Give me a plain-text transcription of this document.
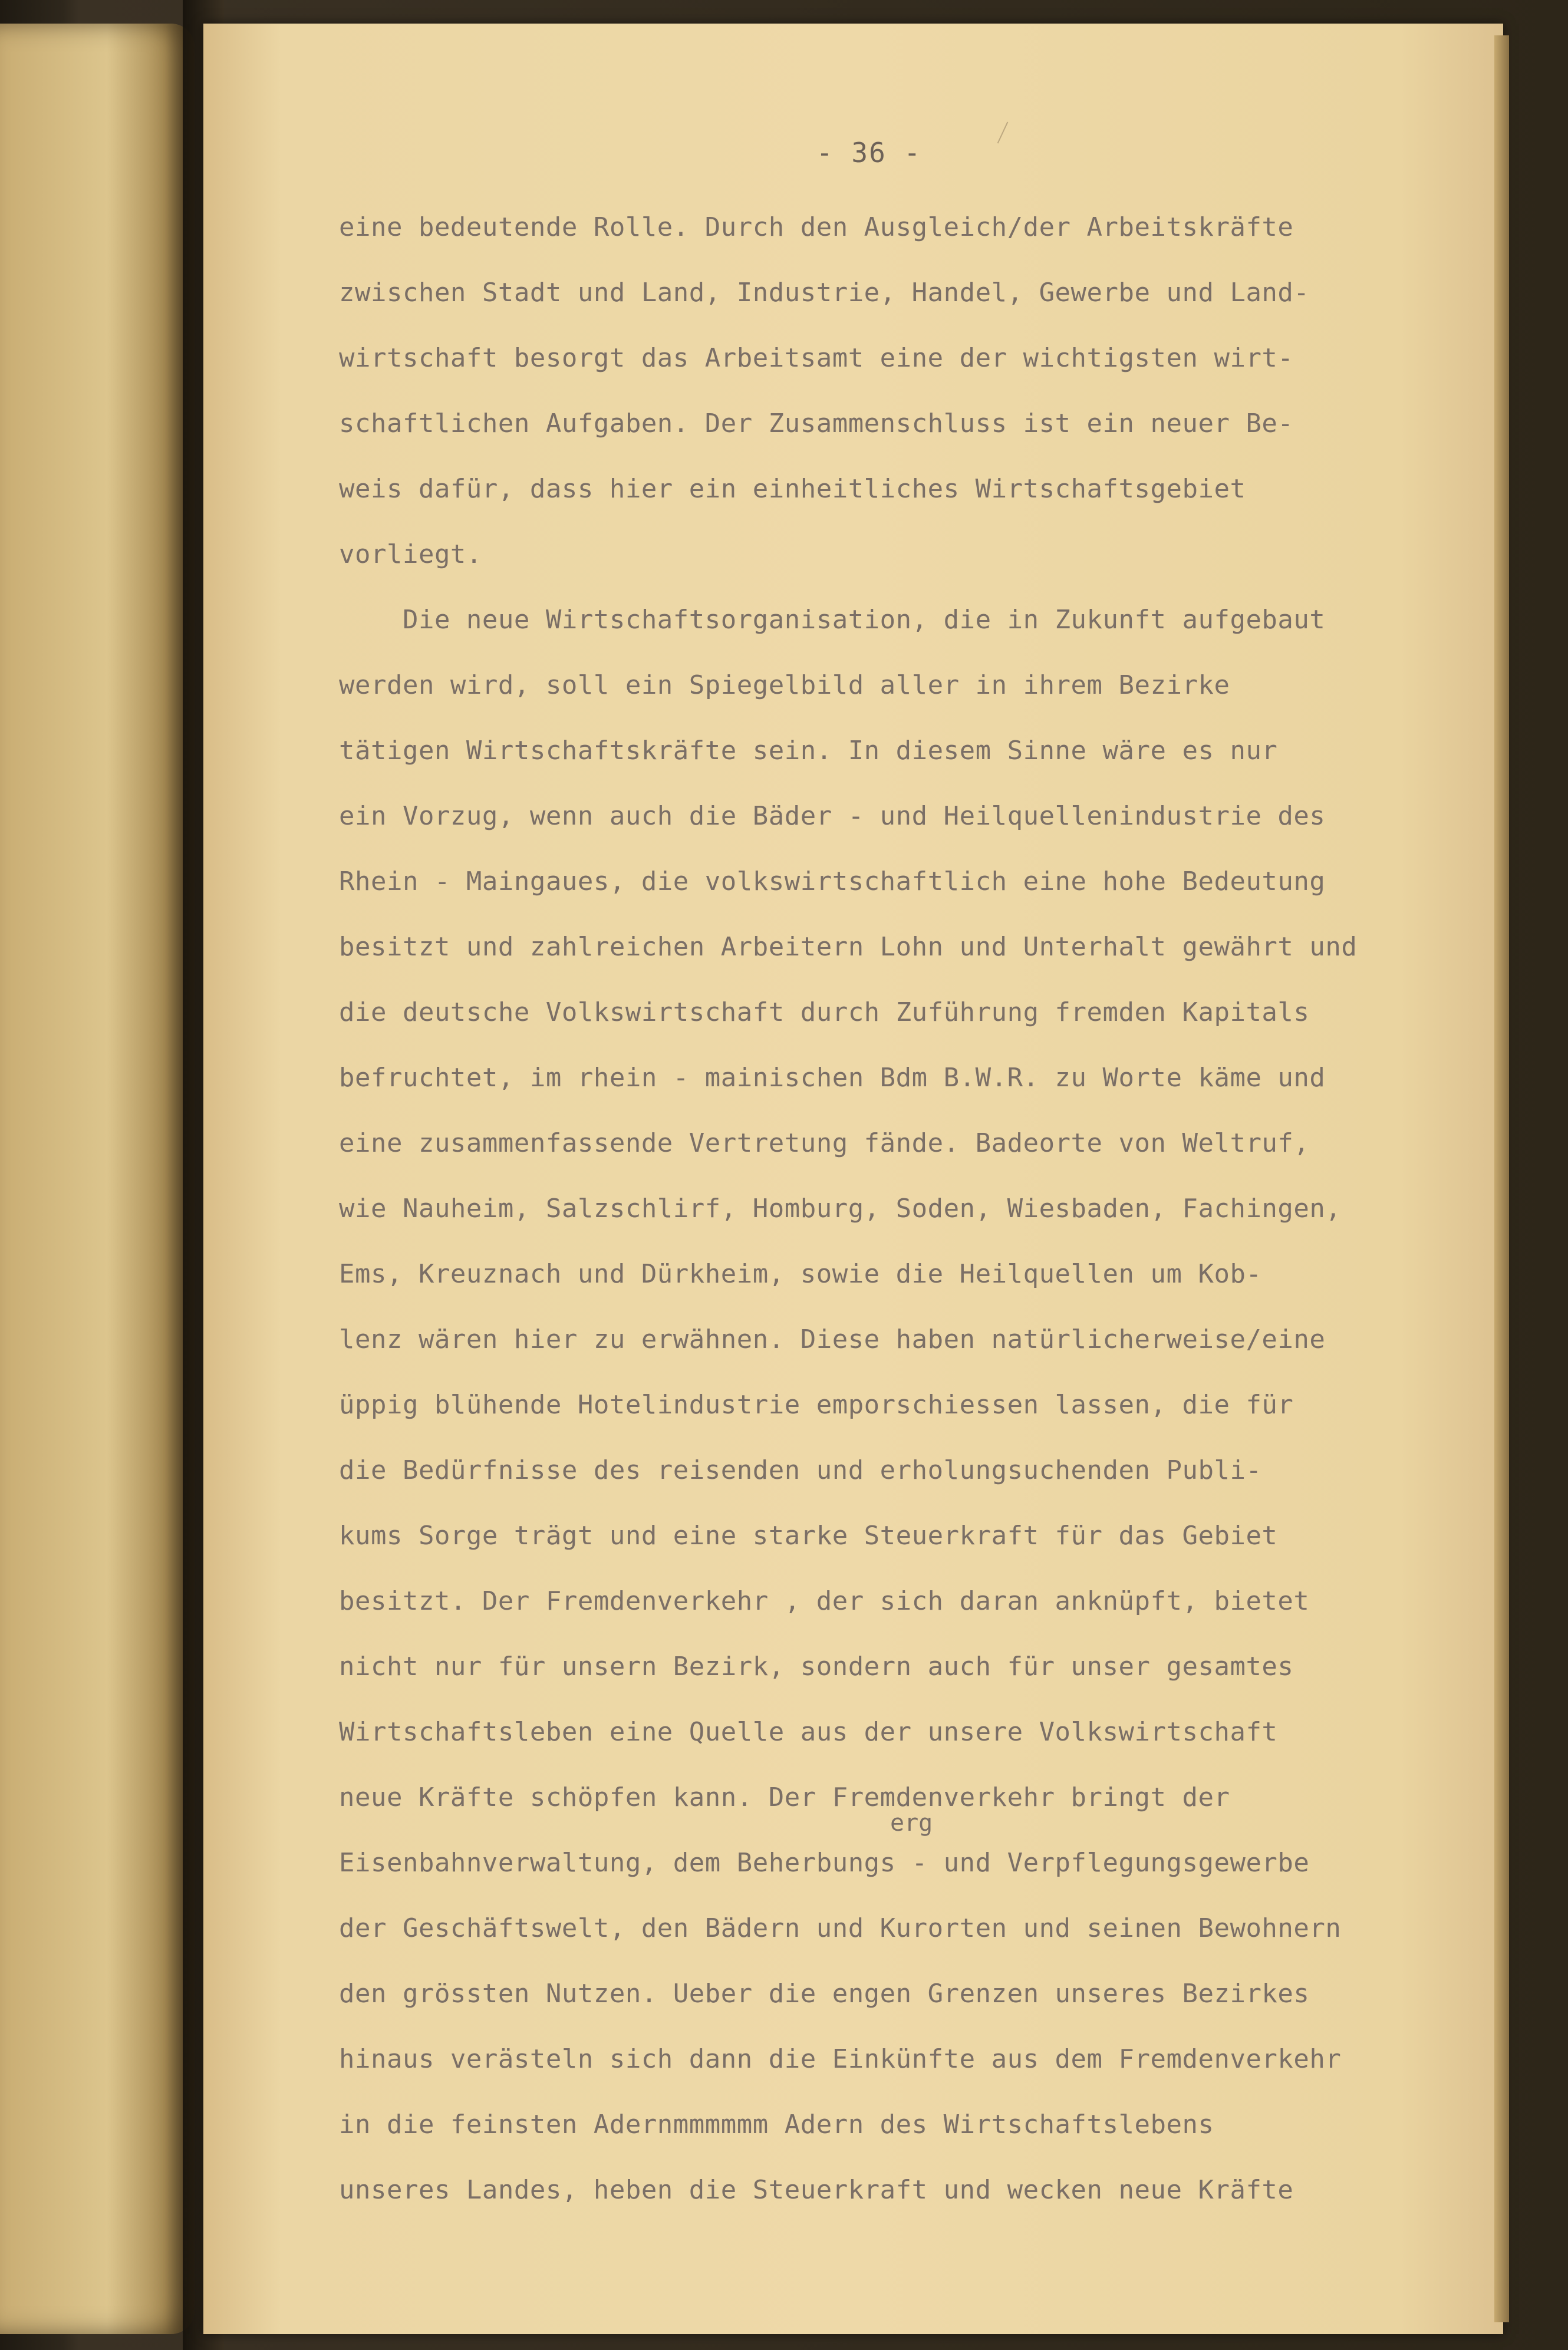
- 36 -
eine bedeutende Rolle. Durch den Ausgleich/der Arbeitskräfte
zwischen Stadt und Land, Industrie, Handel, Gewerbe und Land-
wirtschaft besorgt das Arbeitsamt eine der wichtigsten wirt-
schaftlichen Aufgaben. Der Zusammenschluss ist ein neuer Be-
weis dafür, dass hier ein einheitliches Wirtschaftsgebiet
vorliegt.
Die neue Wirtschaftsorganisation, die in Zukunft aufgebaut
werden wird, soll ein Spiegelbild aller in ihrem Bezirke
tätigen Wirtschaftskräfte sein. In diesem Sinne wäre es nur
ein Vorzug, wenn auch die Bäder - und Heilquellenindustrie des
Rhein - Maingaues, die volkswirtschaftlich eine hohe Bedeutung
besitzt und zahlreichen Arbeitern Lohn und Unterhalt gewährt und
die deutsche Volkswirtschaft durch Zuführung fremden Kapitals
befruchtet, im rhein - mainischen Bdm B.W.R. zu Worte käme und
eine zusammenfassende Vertretung fände. Badeorte von Weltruf,
wie Nauheim, Salzschlirf, Homburg, Soden, Wiesbaden, Fachingen,
Ems, Kreuznach und Dürkheim, sowie die Heilquellen um Kob-
lenz wären hier zu erwähnen. Diese haben natürlicherweise/eine
üppig blühende Hotelindustrie emporschiessen lassen, die für
die Bedürfnisse des reisenden und erholungsuchenden Publi-
kums Sorge trägt und eine starke Steuerkraft für das Gebiet
besitzt. Der Fremdenverkehr , der sich daran anknüpft, bietet
nicht nur für unsern Bezirk, sondern auch für unser gesamtes
Wirtschaftsleben eine Quelle aus der unsere Volkswirtschaft
neue Kräfte schöpfen kann. Der Fremdenverkehr bringt der
Eisenbahnverwaltung, dem Beherbungs - und Verpflegungsgewerbe
der Geschäftswelt, den Bädern und Kurorten und seinen Bewohnern
den grössten Nutzen. Ueber die engen Grenzen unseres Bezirkes
hinaus verästeln sich dann die Einkünfte aus dem Fremdenverkehr
in die feinsten Adernmmmmmm Adern des Wirtschaftslebens
unseres Landes, heben die Steuerkraft und wecken neue Kräfte
erg
